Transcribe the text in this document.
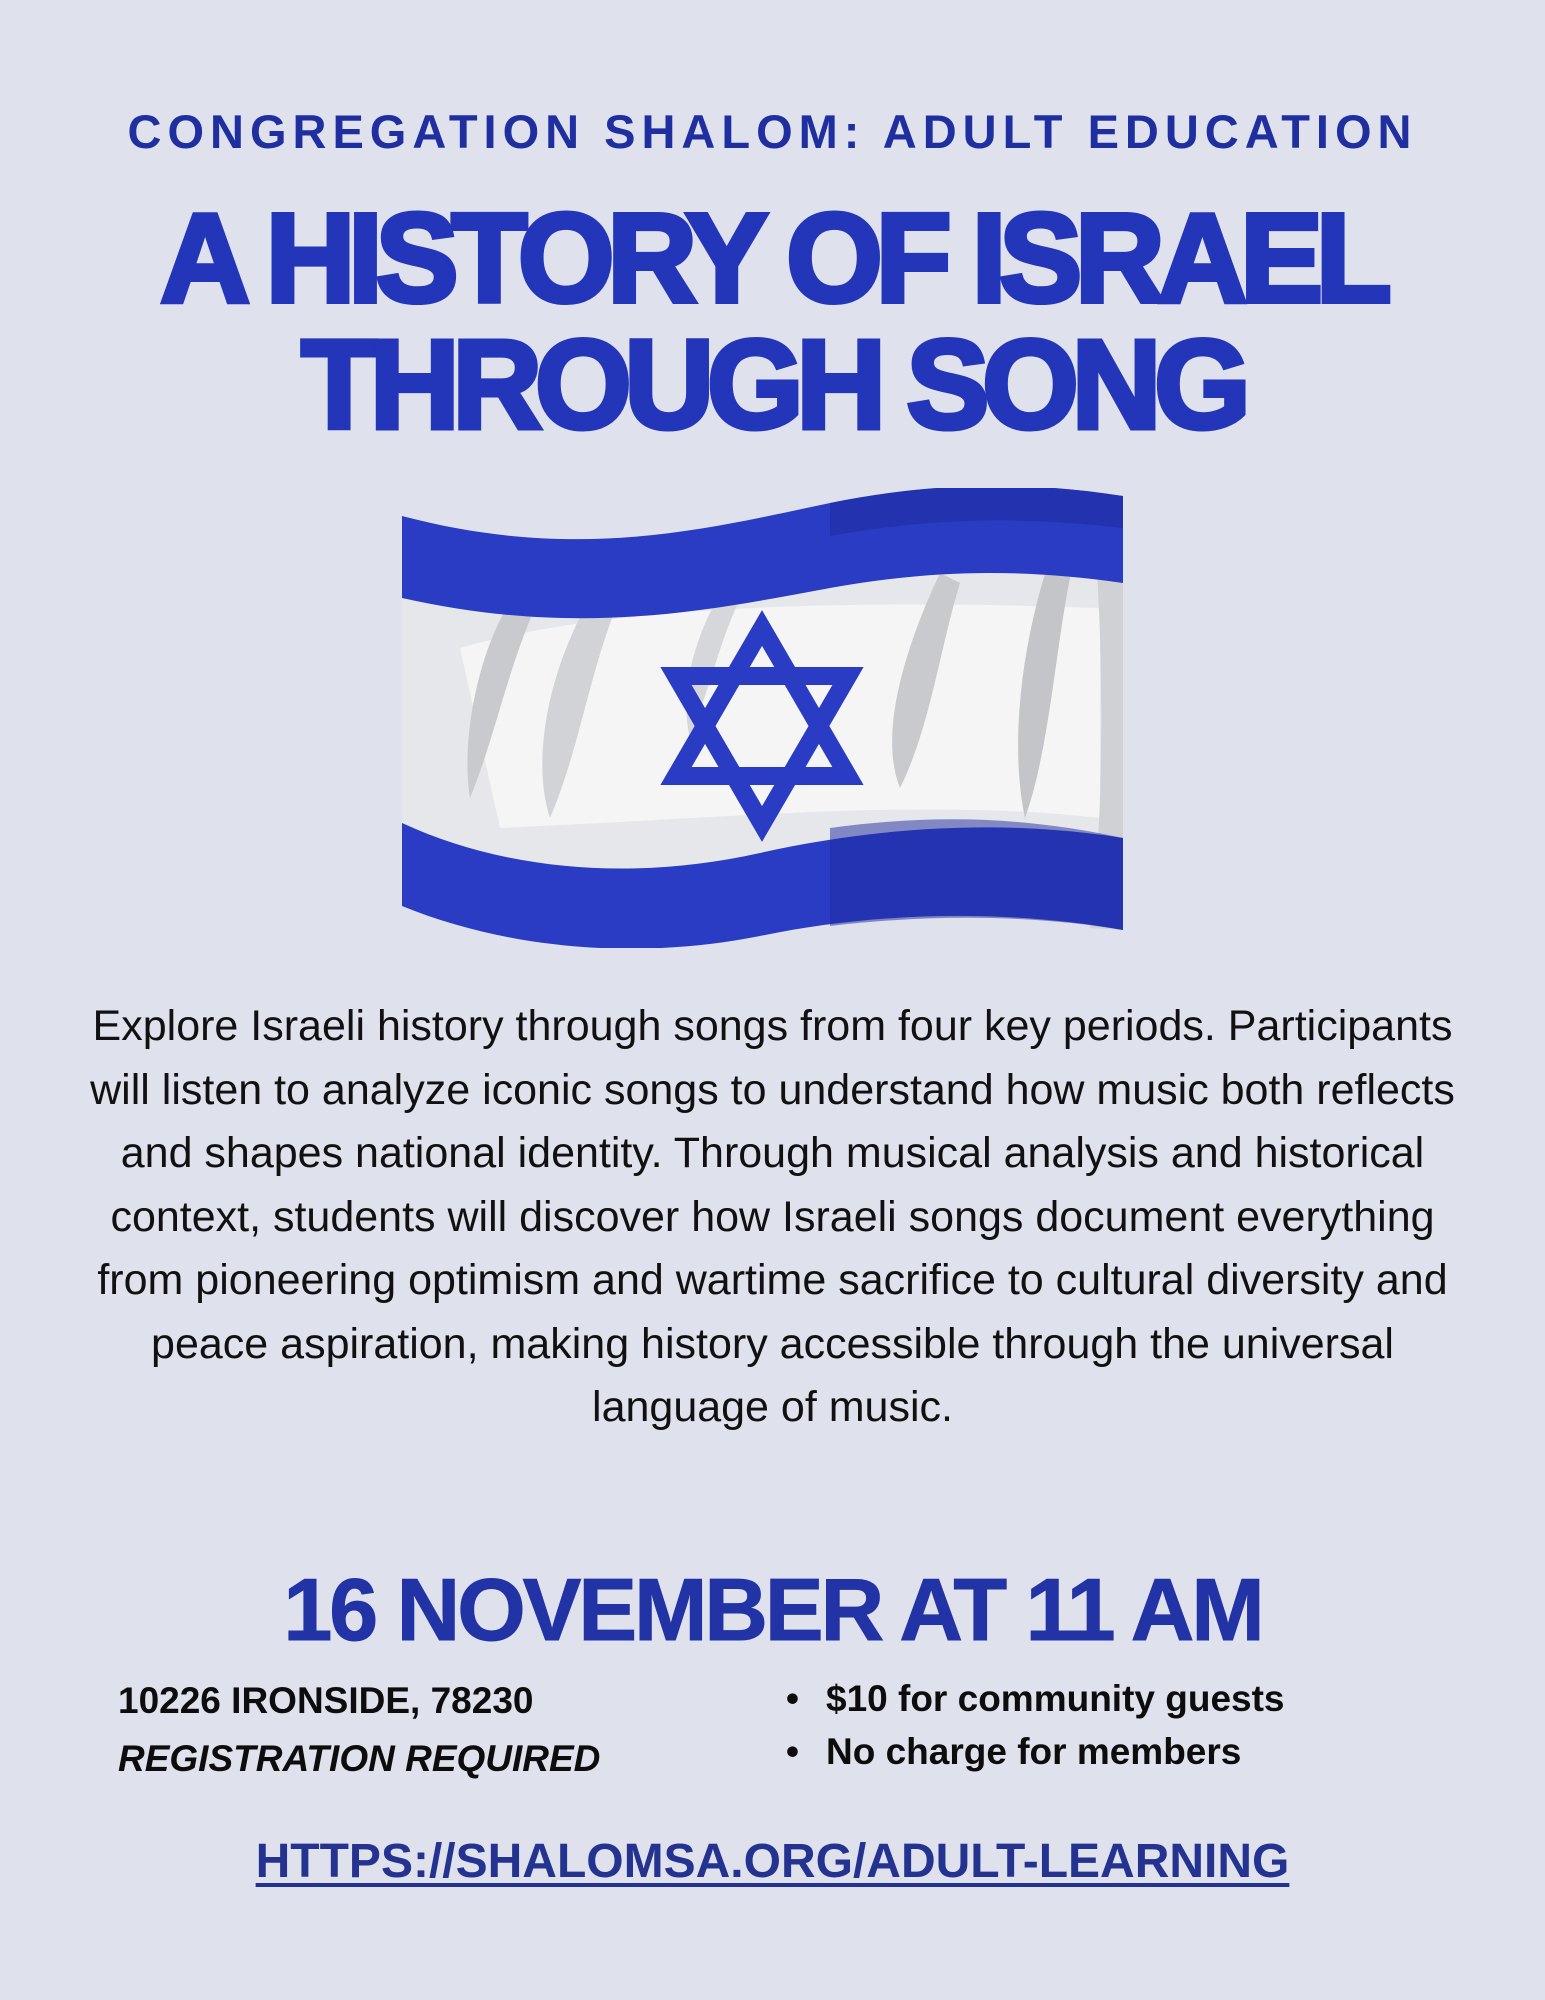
CONGREGATION SHALOM: ADULT EDUCATION
A HISTORY OF ISRAEL
THROUGH SONG

Explore Israeli history through songs from four key periods. Participants will listen to analyze iconic songs to understand how music both reflects and shapes national identity. Through musical analysis and historical context, students will discover how Israeli songs document everything from pioneering optimism and wartime sacrifice to cultural diversity and peace aspiration, making history accessible through the universal language of music.

16 NOVEMBER AT 11 AM
10226 IRONSIDE, 78230
REGISTRATION REQUIRED
• $10 for community guests
• No charge for members
HTTPS://SHALOMSA.ORG/ADULT-LEARNING
